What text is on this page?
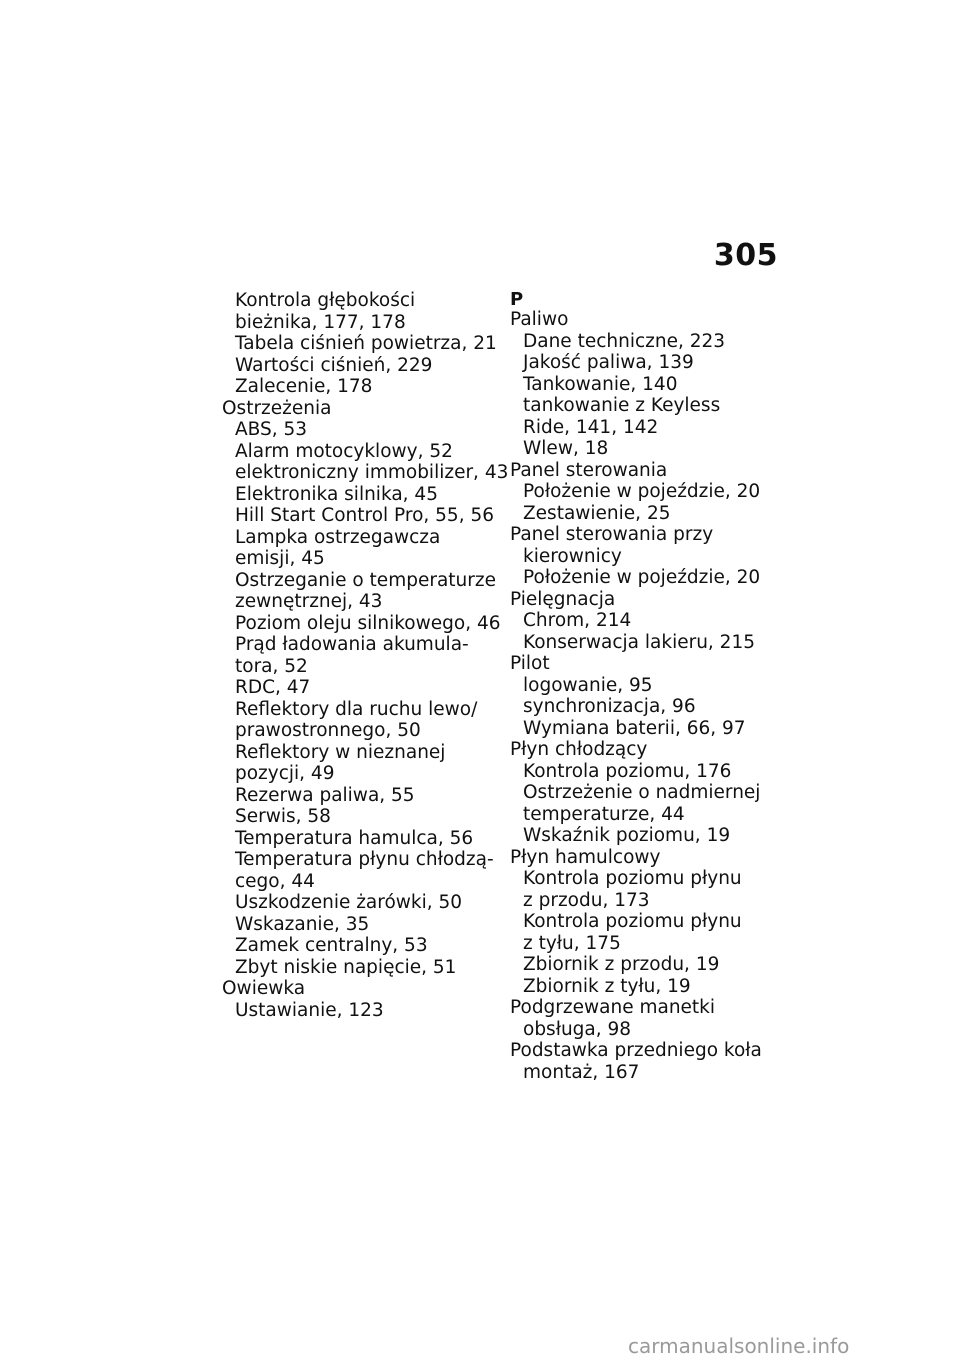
305
Kontrola głębokości
bieżnika, 177, 178
Tabela ciśnień powietrza, 21
Wartości ciśnień, 229
Zalecenie, 178
Ostrzeżenia
ABS, 53
Alarm motocyklowy, 52
elektroniczny immobilizer, 43
Elektronika silnika, 45
Hill Start Control Pro, 55, 56
Lampka ostrzegawcza
emisji, 45
Ostrzeganie o temperaturze
zewnętrznej, 43
Poziom oleju silnikowego, 46
Prąd ładowania akumula-
tora, 52
RDC, 47
Reflektory dla ruchu lewo/
prawostronnego, 50
Reflektory w nieznanej
pozycji, 49
Rezerwa paliwa, 55
Serwis, 58
Temperatura hamulca, 56
Temperatura płynu chłodzą-
cego, 44
Uszkodzenie żarówki, 50
Wskazanie, 35
Zamek centralny, 53
Zbyt niskie napięcie, 51
Owiewka
Ustawianie, 123
P
Paliwo
Dane techniczne, 223
Jakość paliwa, 139
Tankowanie, 140
tankowanie z Keyless
Ride, 141, 142
Wlew, 18
Panel sterowania
Położenie w pojeździe, 20
Zestawienie, 25
Panel sterowania przy
kierownicy
Położenie w pojeździe, 20
Pielęgnacja
Chrom, 214
Konserwacja lakieru, 215
Pilot
logowanie, 95
synchronizacja, 96
Wymiana baterii, 66, 97
Płyn chłodzący
Kontrola poziomu, 176
Ostrzeżenie o nadmiernej
temperaturze, 44
Wskaźnik poziomu, 19
Płyn hamulcowy
Kontrola poziomu płynu
z przodu, 173
Kontrola poziomu płynu
z tyłu, 175
Zbiornik z przodu, 19
Zbiornik z tyłu, 19
Podgrzewane manetki
obsługa, 98
Podstawka przedniego koła
montaż, 167
carmanualsonline.info
